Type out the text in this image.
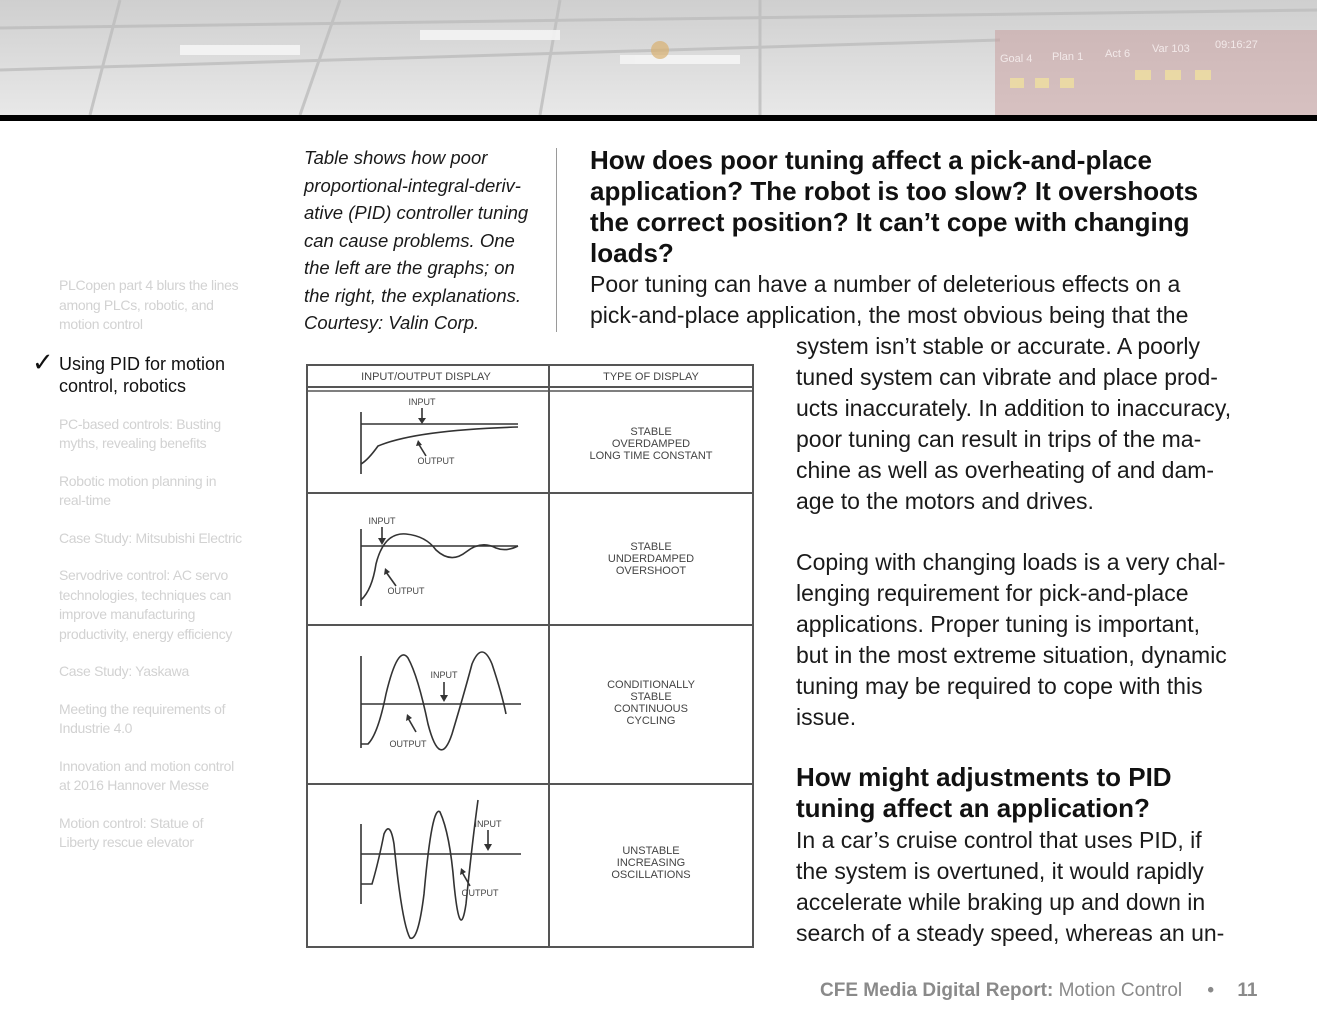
Goal 4 Plan 1 Act 6 Var 103 09:16:27
PLCopen part 4 blurs the lines among PLCs, robotic, and motion control
✓ Using PID for motion control, robotics
PC-based controls: Busting myths, revealing benefits
Robotic motion planning in real-time
Case Study: Mitsubishi Electric
Servodrive control: AC servo technologies, techniques can improve manufacturing productivity, energy efficiency
Case Study: Yaskawa
Meeting the requirements of Industrie 4.0
Innovation and motion control at 2016 Hannover Messe
Motion control: Statue of Liberty rescue elevator

Table shows how poor
proportional-integral-deriv-
ative (PID) controller tuning
can cause problems. One
the left are the graphs; on
the right, the explanations.
Courtesy: Valin Corp.

INPUT/OUTPUT DISPLAY	TYPE OF DISPLAY
INPUT
OUTPUT
STABLE
OVERDAMPED
LONG TIME CONSTANT
INPUT
OUTPUT
STABLE
UNDERDAMPED
OVERSHOOT
INPUT
OUTPUT
CONDITIONALLY
STABLE
CONTINUOUS
CYCLING
INPUT
OUTPUT
UNSTABLE
INCREASING
OSCILLATIONS
How does poor tuning affect a pick-and-place
application? The robot is too slow? It overshoots
the correct position? It can’t cope with changing
loads?

Poor tuning can have a number of deleterious effects on a
pick-and-place application, the most obvious being that the

system isn’t stable or accurate. A poorly
tuned system can vibrate and place prod-
ucts inaccurately. In addition to inaccuracy,
poor tuning can result in trips of the ma-
chine as well as overheating of and dam-
age to the motors and drives.

Coping with changing loads is a very chal-
lenging requirement for pick-and-place
applications. Proper tuning is important,
but in the most extreme situation, dynamic
tuning may be required to cope with this
issue.

How might adjustments to PID
tuning affect an application?

In a car’s cruise control that uses PID, if
the system is overtuned, it would rapidly
accelerate while braking up and down in
search of a steady speed, whereas an un-

CFE Media Digital Report: Motion Control • 11
